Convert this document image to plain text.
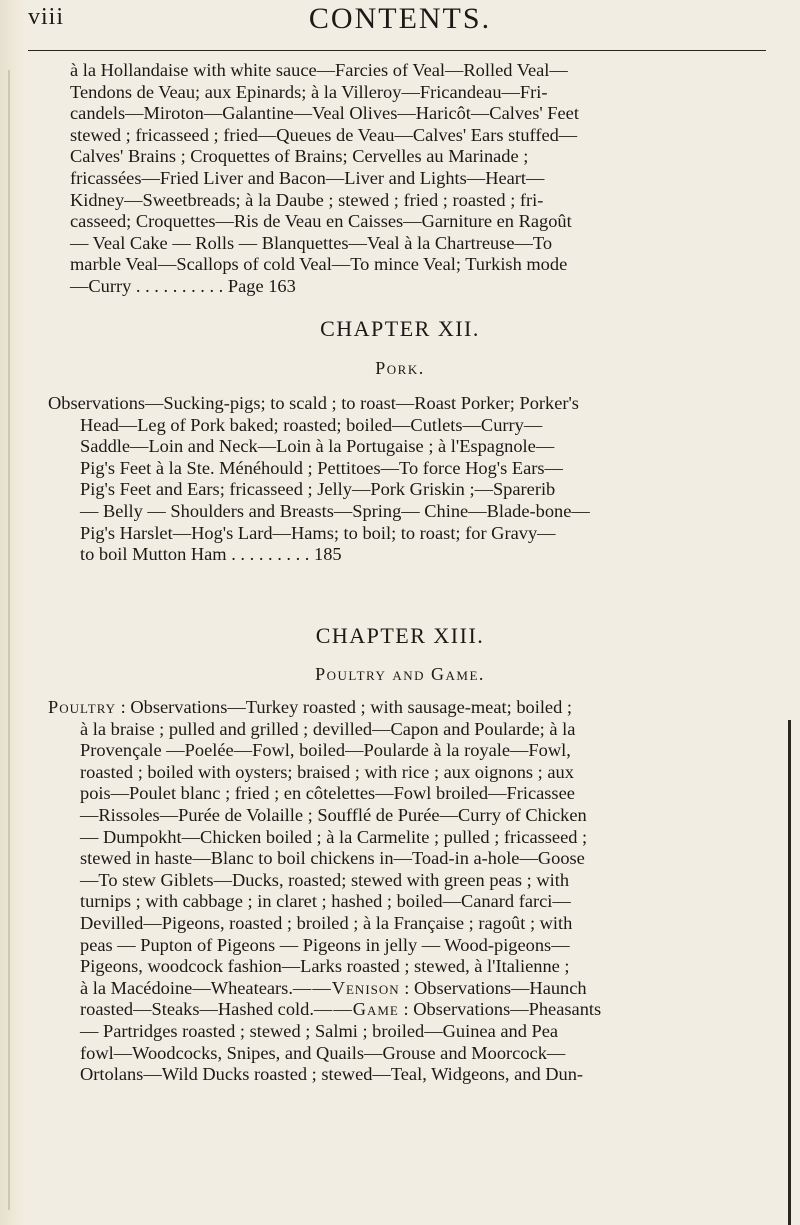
viii	CONTENTS.
à la Hollandaise with white sauce—Farcies of Veal—Rolled Veal—
Tendons de Veau; aux Epinards; à la Villeroy—Fricandeau—Fri-
candels—Miroton—Galantine—Veal Olives—Haricôt—Calves' Feet
stewed ; fricasseed ; fried—Queues de Veau—Calves' Ears stuffed—
Calves' Brains ; Croquettes of Brains; Cervelles au Marinade ;
fricassées—Fried Liver and Bacon—Liver and Lights—Heart—
Kidney—Sweetbreads; à la Daube ; stewed ; fried ; roasted ; fri-
casseed; Croquettes—Ris de Veau en Caisses—Garniture en Ragoût
— Veal Cake — Rolls — Blanquettes—Veal à la Chartreuse—To
marble Veal—Scallops of cold Veal—To mince Veal; Turkish mode
—Curry . . . . . . . . . . Page 163
CHAPTER XII.
Pork.
Observations—Sucking-pigs; to scald ; to roast—Roast Porker; Porker's
Head—Leg of Pork baked; roasted; boiled—Cutlets—Curry—
Saddle—Loin and Neck—Loin à la Portugaise ; à l'Espagnole—
Pig's Feet à la Ste. Ménéhould ; Pettitoes—To force Hog's Ears—
Pig's Feet and Ears; fricasseed ; Jelly—Pork Griskin ;—Sparerib
— Belly — Shoulders and Breasts—Spring— Chine—Blade-bone—
Pig's Harslet—Hog's Lard—Hams; to boil; to roast; for Gravy—
to boil Mutton Ham . . . . . . . . . 185
CHAPTER XIII.
Poultry and Game.
Poultry : Observations—Turkey roasted ; with sausage-meat; boiled ;
à la braise ; pulled and grilled ; devilled—Capon and Poularde; à la
Provençale —Poelée—Fowl, boiled—Poularde à la royale—Fowl,
roasted ; boiled with oysters; braised ; with rice ; aux oignons ; aux
pois—Poulet blanc ; fried ; en côtelettes—Fowl broiled—Fricassee
—Rissoles—Purée de Volaille ; Soufflé de Purée—Curry of Chicken
— Dumpokht—Chicken boiled ; à la Carmelite ; pulled ; fricasseed ;
stewed in haste—Blanc to boil chickens in—Toad-in a-hole—Goose
—To stew Giblets—Ducks, roasted; stewed with green peas ; with
turnips ; with cabbage ; in claret ; hashed ; boiled—Canard farci—
Devilled—Pigeons, roasted ; broiled ; à la Française ; ragoût ; with
peas — Pupton of Pigeons — Pigeons in jelly — Wood-pigeons—
Pigeons, woodcock fashion—Larks roasted ; stewed, à l'Italienne ;
à la Macédoine—Wheatears.——Venison : Observations—Haunch
roasted—Steaks—Hashed cold.——Game : Observations—Pheasants
— Partridges roasted ; stewed ; Salmi ; broiled—Guinea and Pea
fowl—Woodcocks, Snipes, and Quails—Grouse and Moorcock—
Ortolans—Wild Ducks roasted ; stewed—Teal, Widgeons, and Dun-
